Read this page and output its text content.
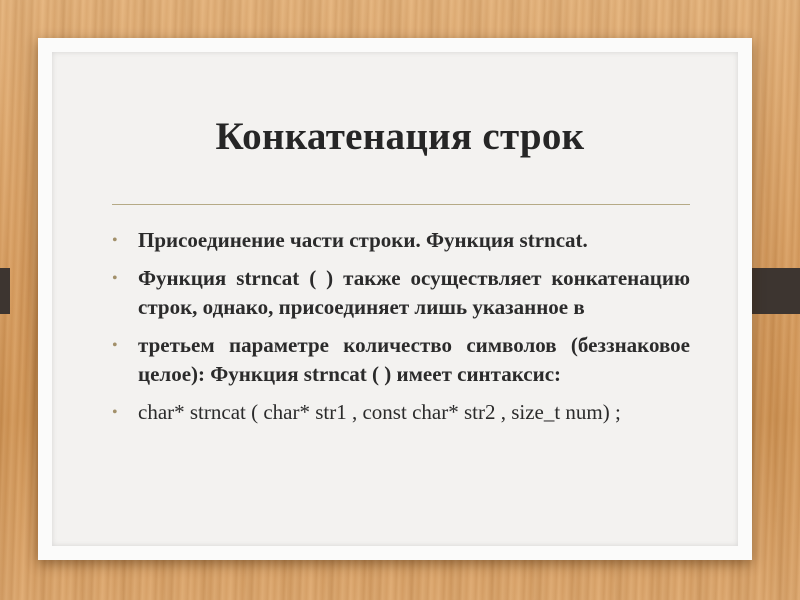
Конкатенация строк
• Присоединение части строки. Функция strncat.
• Функция strncat ( ) также осуществляет конкатенацию строк, однако, присоединяет лишь указанное в
• третьем параметре количество символов (беззнаковое целое): Функция strncat ( ) имеет синтаксис:
• char* strncat ( char* str1 , const char* str2 , size_t num) ;
